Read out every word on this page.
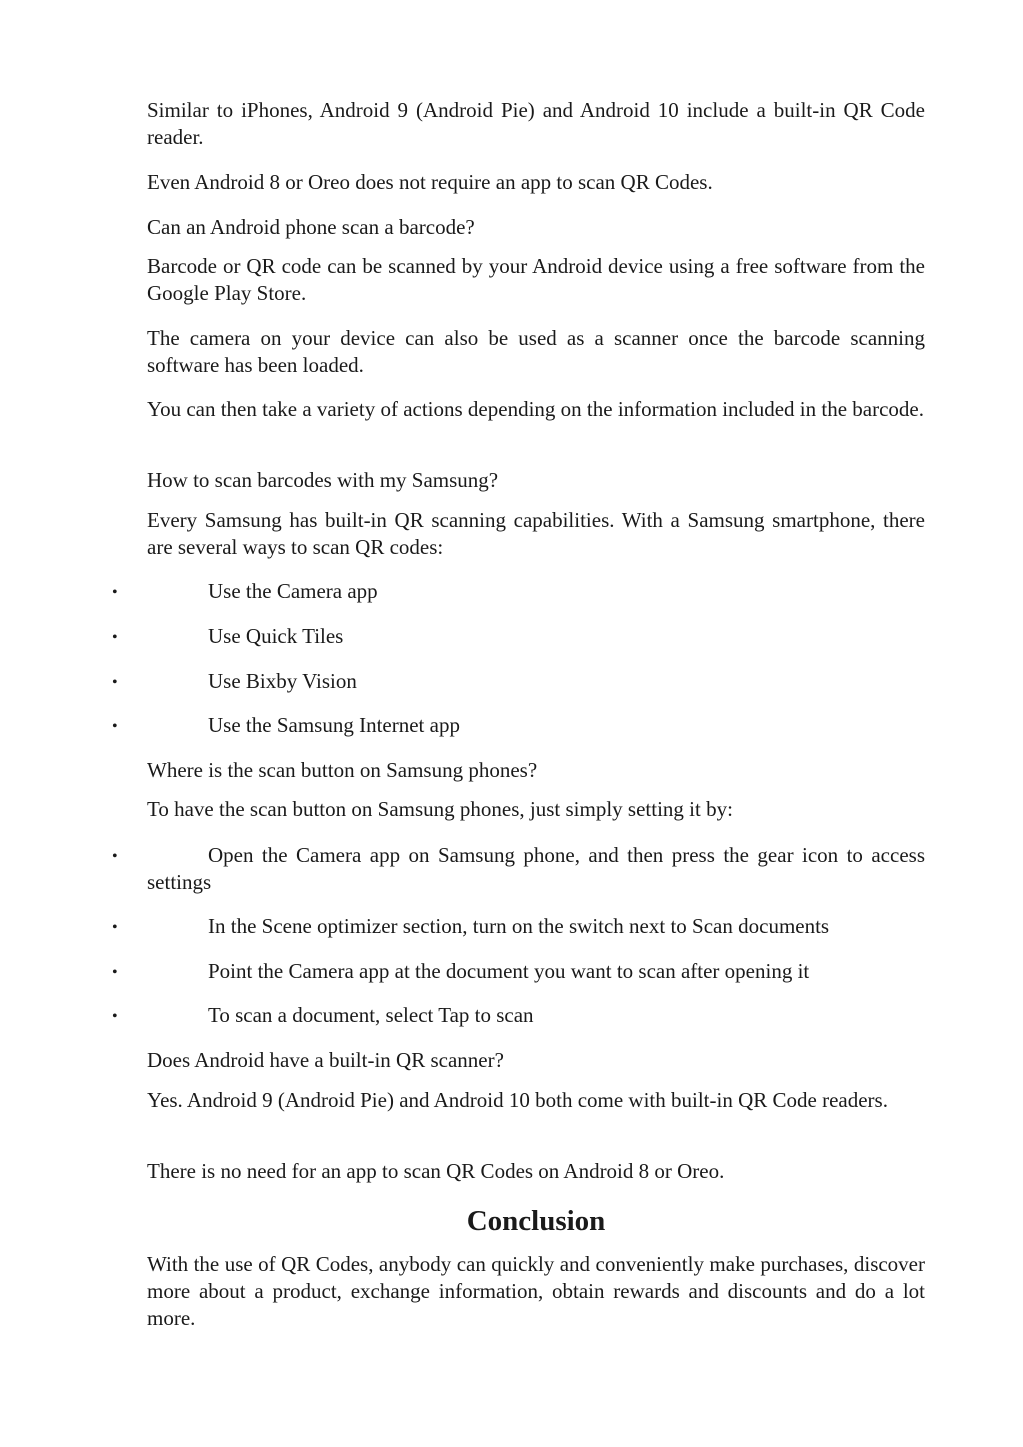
Similar to iPhones, Android 9 (Android Pie) and Android 10 include a built-in QR Code reader.

Even Android 8 or Oreo does not require an app to scan QR Codes.

Can an Android phone scan a barcode?

Barcode or QR code can be scanned by your Android device using a free software from the Google Play Store.

The camera on your device can also be used as a scanner once the barcode scanning software has been loaded.

You can then take a variety of actions depending on the information included in the barcode.

How to scan barcodes with my Samsung?

Every Samsung has built-in QR scanning capabilities. With a Samsung smartphone, there are several ways to scan QR codes:

•	Use the Camera app
•	Use Quick Tiles
•	Use Bixby Vision
•	Use the Samsung Internet app

Where is the scan button on Samsung phones?

To have the scan button on Samsung phones, just simply setting it by:

•	Open the Camera app on Samsung phone, and then press the gear icon to access settings
•	In the Scene optimizer section, turn on the switch next to Scan documents
•	Point the Camera app at the document you want to scan after opening it
•	To scan a document, select Tap to scan

Does Android have a built-in QR scanner?

Yes. Android 9 (Android Pie) and Android 10 both come with built-in QR Code readers.

There is no need for an app to scan QR Codes on Android 8 or Oreo.

Conclusion

With the use of QR Codes, anybody can quickly and conveniently make purchases, discover more about a product, exchange information, obtain rewards and discounts and do a lot more.
